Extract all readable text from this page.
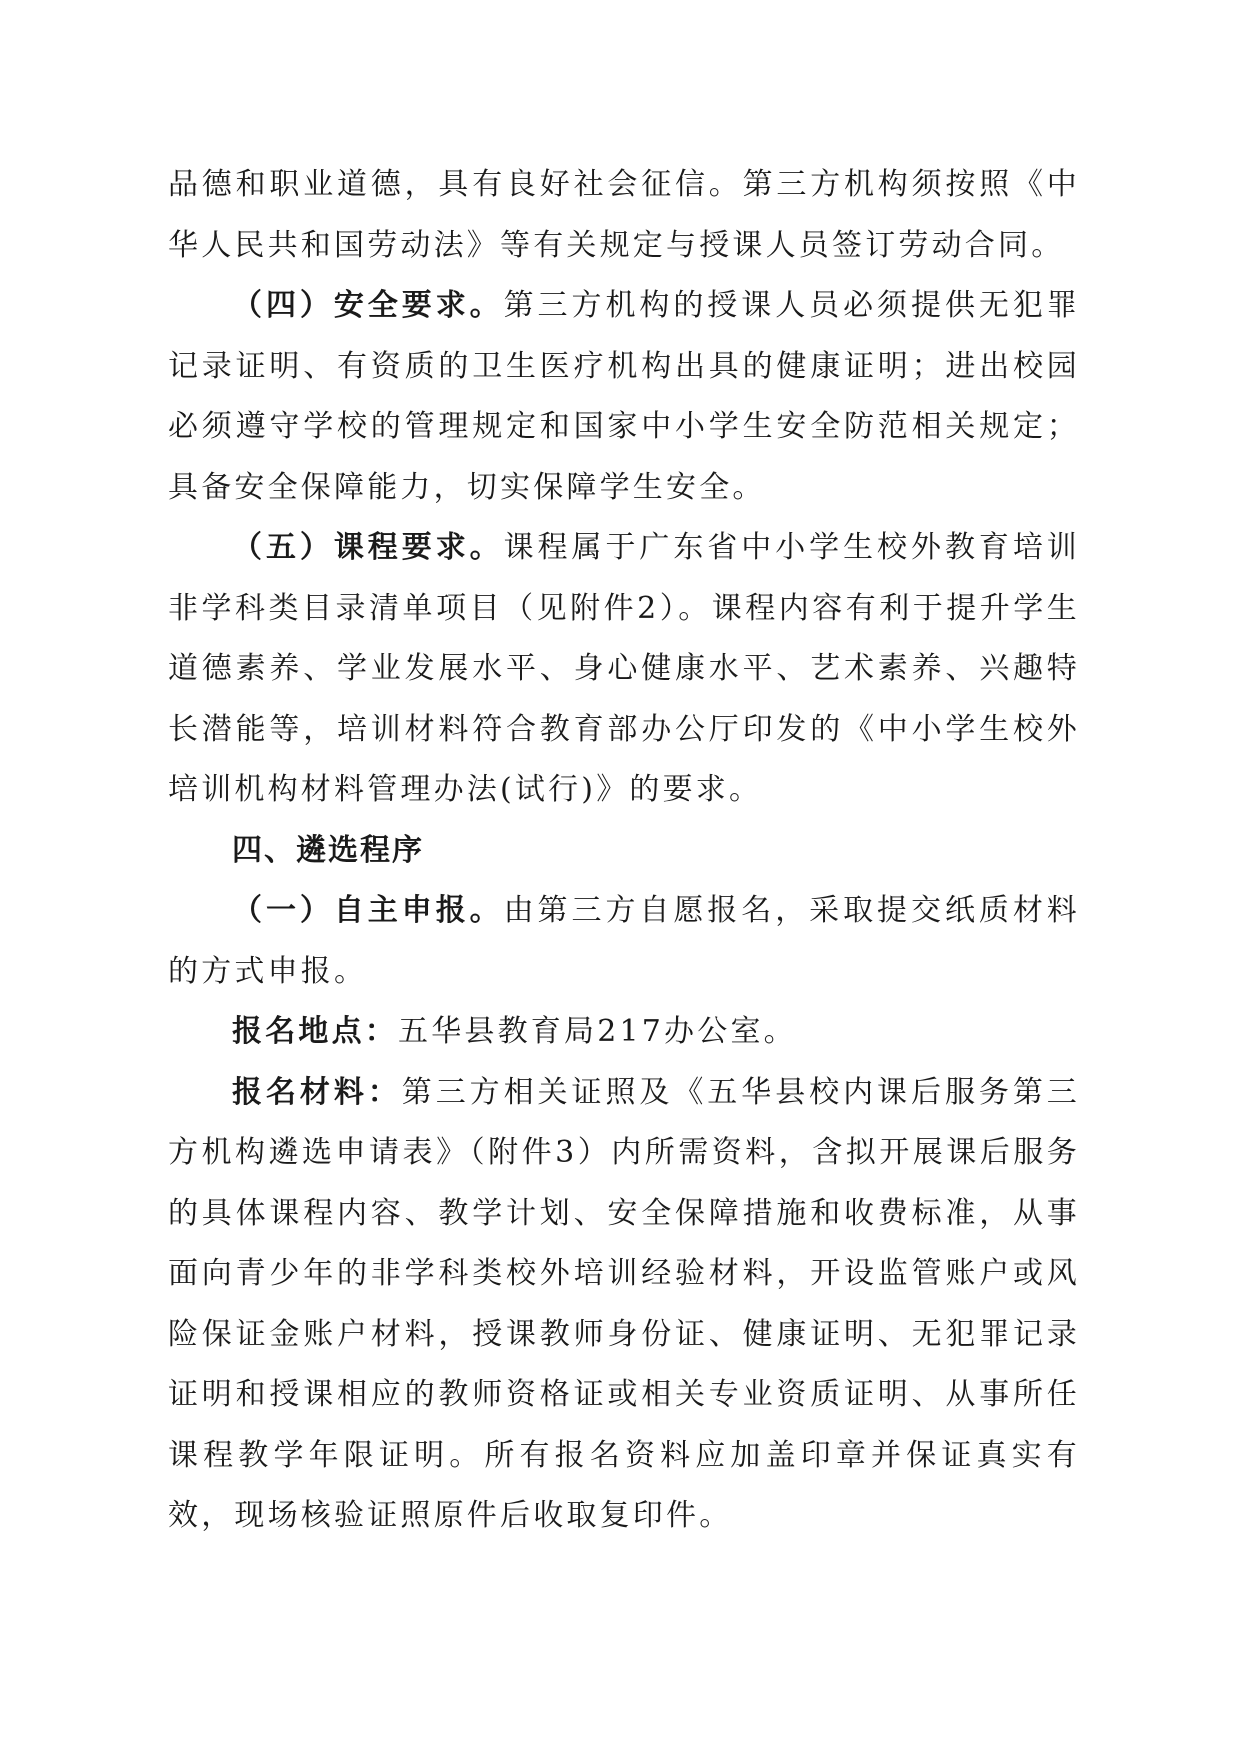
品德和职业道德，具有良好社会征信。第三方机构须按照《中华人民共和国劳动法》等有关规定与授课人员签订劳动合同。

（四）安全要求。第三方机构的授课人员必须提供无犯罪记录证明、有资质的卫生医疗机构出具的健康证明；进出校园必须遵守学校的管理规定和国家中小学生安全防范相关规定；具备安全保障能力，切实保障学生安全。

（五）课程要求。课程属于广东省中小学生校外教育培训非学科类目录清单项目（见附件2）。课程内容有利于提升学生道德素养、学业发展水平、身心健康水平、艺术素养、兴趣特长潜能等，培训材料符合教育部办公厅印发的《中小学生校外培训机构材料管理办法(试行)》的要求。

四、遴选程序

（一）自主申报。由第三方自愿报名，采取提交纸质材料的方式申报。

报名地点：五华县教育局217办公室。

报名材料：第三方相关证照及《五华县校内课后服务第三方机构遴选申请表》（附件3）内所需资料，含拟开展课后服务的具体课程内容、教学计划、安全保障措施和收费标准，从事面向青少年的非学科类校外培训经验材料，开设监管账户或风险保证金账户材料，授课教师身份证、健康证明、无犯罪记录证明和授课相应的教师资格证或相关专业资质证明、从事所任课程教学年限证明。所有报名资料应加盖印章并保证真实有效，现场核验证照原件后收取复印件。
